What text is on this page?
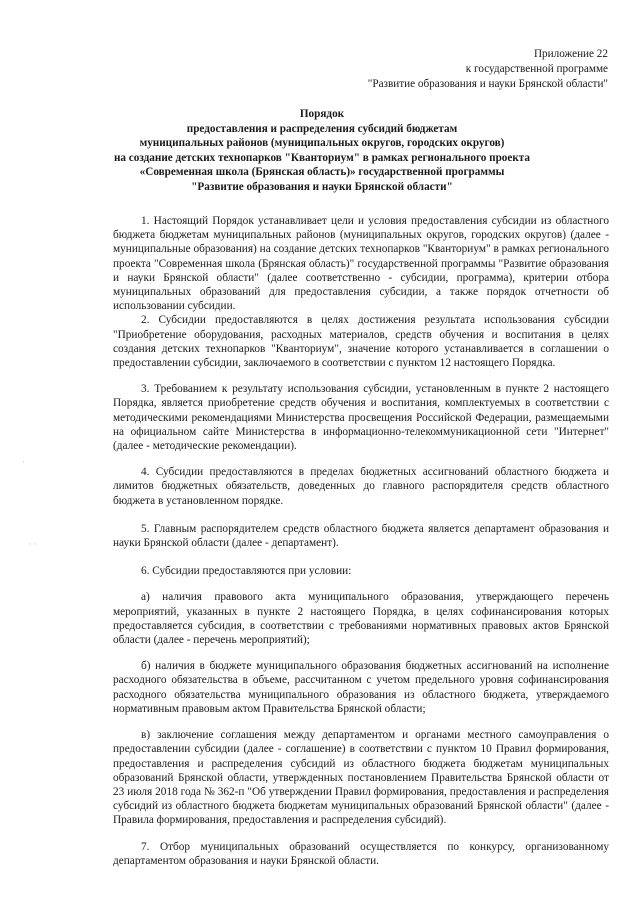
Приложение 22
к государственной программе
"Развитие образования и науки Брянской области"
Порядок
предоставления и распределения субсидий бюджетам
муниципальных районов (муниципальных округов, городских округов)
на создание детских технопарков "Кванториум" в рамках регионального проекта
«Современная школа (Брянская область)» государственной программы
"Развитие образования и науки Брянской области"

1. Настоящий Порядок устанавливает цели и условия предоставления субсидии из областного бюджета бюджетам муниципальных районов (муниципальных округов, городских округов) (далее - муниципальные образования) на создание детских технопарков "Кванториум" в рамках регионального проекта "Современная школа (Брянская область)" государственной программы "Развитие образования и науки Брянской области" (далее соответственно - субсидии, программа), критерии отбора муниципальных образований для предоставления субсидии, а также порядок отчетности об использовании субсидии.

2. Субсидии предоставляются в целях достижения результата использования субсидии "Приобретение оборудования, расходных материалов, средств обучения и воспитания в целях создания детских технопарков "Кванториум", значение которого устанавливается в соглашении о предоставлении субсидии, заключаемого в соответствии с пунктом 12 настоящего Порядка.

3. Требованием к результату использования субсидии, установленным в пункте 2 настоящего Порядка, является приобретение средств обучения и воспитания, комплектуемых в соответствии с методическими рекомендациями Министерства просвещения Российской Федерации, размещаемыми на официальном сайте Министерства в информационно-телекоммуникационной сети "Интернет" (далее - методические рекомендации).

4. Субсидии предоставляются в пределах бюджетных ассигнований областного бюджета и лимитов бюджетных обязательств, доведенных до главного распорядителя средств областного бюджета в установленном порядке.

5. Главным распорядителем средств областного бюджета является департамент образования и науки Брянской области (далее - департамент).

6. Субсидии предоставляются при условии:

а) наличия правового акта муниципального образования, утверждающего перечень мероприятий, указанных в пункте 2 настоящего Порядка, в целях софинансирования которых предоставляется субсидия, в соответствии с требованиями нормативных правовых актов Брянской области (далее - перечень мероприятий);

б) наличия в бюджете муниципального образования бюджетных ассигнований на исполнение расходного обязательства в объеме, рассчитанном с учетом предельного уровня софинансирования расходного обязательства муниципального образования из областного бюджета, утверждаемого нормативным правовым актом Правительства Брянской области;

в) заключение соглашения между департаментом и органами местного самоуправления о предоставлении субсидии (далее - соглашение) в соответствии с пунктом 10 Правил формирования, предоставления и распределения субсидий из областного бюджета бюджетам муниципальных образований Брянской области, утвержденных постановлением Правительства Брянской области от 23 июля 2018 года № 362-п "Об утверждении Правил формирования, предоставления и распределения субсидий из областного бюджета бюджетам муниципальных образований Брянской области" (далее - Правила формирования, предоставления и распределения субсидий).

7. Отбор муниципальных образований осуществляется по конкурсу, организованному департаментом образования и науки Брянской области.

·
· ·
